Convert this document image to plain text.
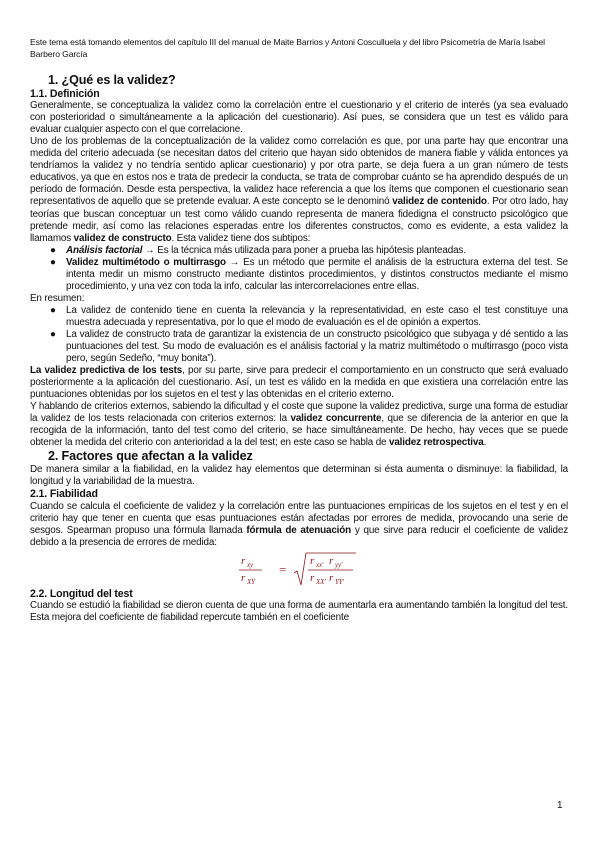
Este tema está tomando elementos del capítulo III del manual de Maite Barrios y Antoni Cosculluela y del libro Psicometría de María Isabel Barbero García
1. ¿Qué es la validez?
1.1. Definición

Generalmente, se conceptualiza la validez como la correlación entre el cuestionario y el criterio de interés (ya sea evaluado con posterioridad o simultáneamente a la aplicación del cuestionario). Así pues, se considera que un test es válido para evaluar cualquier aspecto con el que correlacione.

Uno de los problemas de la conceptualización de la validez como correlación es que, por una parte hay que encontrar una medida del criterio adecuada (se necesitan datos del criterio que hayan sido obtenidos de manera fiable y válida entonces ya tendríamos la validez y no tendría sentido aplicar cuestionario) y por otra parte, se deja fuera a un gran número de tests educativos, ya que en estos nos e trata de predecir la conducta, se trata de comprobar cuánto se ha aprendido después de un período de formación. Desde esta perspectiva, la validez hace referencia a que los ítems que componen el cuestionario sean representativos de aquello que se pretende evaluar. A este concepto se le denominó validez de contenido. Por otro lado, hay teorías que buscan conceptuar un test como válido cuando representa de manera fidedigna el constructo psicológico que pretende medir, así como las relaciones esperadas entre los diferentes constructos, como es evidente, a esta validez la llamamos validez de constructo. Esta validez tiene dos subtipos:

● Análisis factorial → Es la técnica más utilizada para poner a prueba las hipótesis planteadas.
● Validez multimétodo o multirrasgo → Es un método que permite el análisis de la estructura externa del test. Se intenta medir un mismo constructo mediante distintos procedimientos, y distintos constructos mediante el mismo procedimiento, y una vez con toda la info, calcular las intercorrelaciones entre ellas.

En resumen:

● La validez de contenido tiene en cuenta la relevancia y la representatividad, en este caso el test constituye una muestra adecuada y representativa, por lo que el modo de evaluación es el de opinión a expertos.
● La validez de constructo trata de garantizar la existencia de un constructo psicológico que subyaga y dé sentido a las puntuaciones del test. Su modo de evaluación es el análisis factorial y la matriz multimétodo o multirrasgo (poco vista pero, según Sedeño, “muy bonita”).

La validez predictiva de los tests, por su parte, sirve para predecir el comportamiento en un constructo que será evaluado posteriormente a la aplicación del cuestionario. Así, un test es válido en la medida en que existiera una correlación entre las puntuaciones obtenidas por los sujetos en el test y las obtenidas en el criterio externo.

Y hablando de criterios externos, sabiendo la dificultad y el coste que supone la validez predictiva, surge una forma de estudiar la validez de los tests relacionada con criterios externos: la validez concurrente, que se diferencia de la anterior en que la recogida de la información, tanto del test como del criterio, se hace simultáneamente. De hecho, hay veces que se puede obtener la medida del criterio con anterioridad a la del test; en este caso se habla de validez retrospectiva.

2. Factores que afectan a la validez

De manera similar a la fiabilidad, en la validez hay elementos que determinan si ésta aumenta o disminuye: la fiabilidad, la longitud y la variabilidad de la muestra.

2.1. Fiabilidad

Cuando se calcula el coeficiente de validez y la correlación entre las puntuaciones empíricas de los sujetos en el test y en el criterio hay que tener en cuenta que esas puntuaciones están afectadas por errores de medida, provocando una serie de sesgos. Spearman propuso una fórmula llamada fórmula de atenuación y que sirve para reducir el coeficiente de validez debido a la presencia de errores de medida:

r xy
r XY
=
r xx' r yy'
r XX' r YY'
2.2. Longitud del test

Cuando se estudió la fiabilidad se dieron cuenta de que una forma de aumentarla era aumentando también la longitud del test. Esta mejora del coeficiente de fiabilidad repercute también en el coeficiente

1
